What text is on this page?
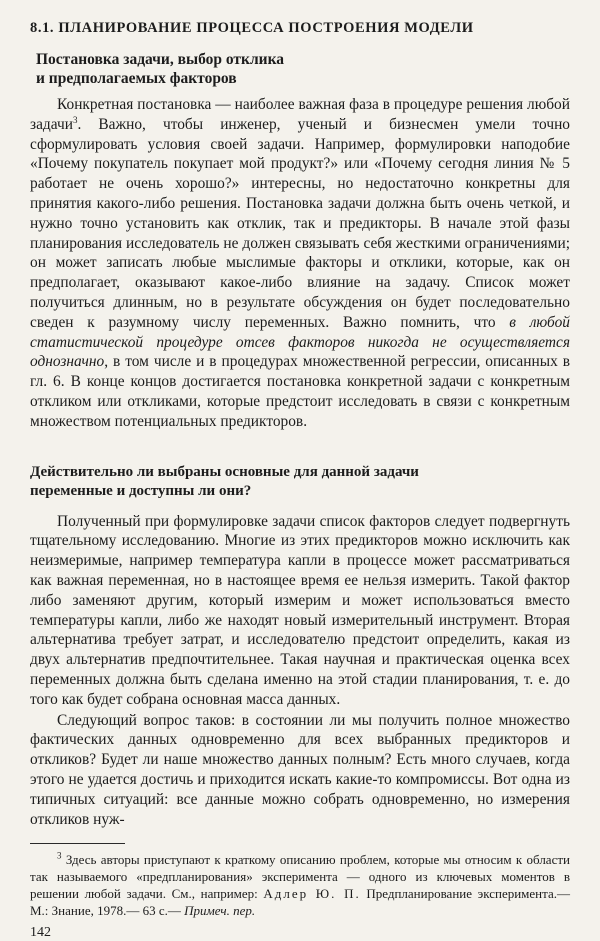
8.1. ПЛАНИРОВАНИЕ ПРОЦЕССА ПОСТРОЕНИЯ МОДЕЛИ
Постановка задачи, выбор отклика
и предполагаемых факторов

Конкретная постановка — наиболее важная фаза в процедуре решения любой задачи$^3$. Важно, чтобы инженер, ученый и бизнесмен умели точно сформулировать условия своей задачи. Например, формулировки наподобие «Почему покупатель покупает мой продукт?» или «Почему сегодня линия № 5 работает не очень хорошо?» интересны, но недостаточно конкретны для принятия какого-либо решения. Постановка задачи должна быть очень четкой, и нужно точно установить как отклик, так и предикторы. В начале этой фазы планирования исследователь не должен связывать себя жесткими ограничениями; он может записать любые мыслимые факторы и отклики, которые, как он предполагает, оказывают какое-либо влияние на задачу. Список может получиться длинным, но в результате обсуждения он будет последовательно сведен к разумному числу переменных. Важно помнить, что в любой статистической процедуре отсев факторов никогда не осуществляется однозначно, в том числе и в процедурах множественной регрессии, описанных в гл. 6. В конце концов достигается постановка конкретной задачи с конкретным откликом или откликами, которые предстоит исследовать в связи с конкретным множеством потенциальных предикторов.

Действительно ли выбраны основные для данной задачи
переменные и доступны ли они?

Полученный при формулировке задачи список факторов следует подвергнуть тщательному исследованию. Многие из этих предикторов можно исключить как неизмеримые, например температура капли в процессе может рассматриваться как важная переменная, но в настоящее время ее нельзя измерить. Такой фактор либо заменяют другим, который измерим и может использоваться вместо температуры капли, либо же находят новый измерительный инструмент. Вторая альтернатива требует затрат, и исследователю предстоит определить, какая из двух альтернатив предпочтительнее. Такая научная и практическая оценка всех переменных должна быть сделана именно на этой стадии планирования, т. е. до того как будет собрана основная масса данных.

Следующий вопрос таков: в состоянии ли мы получить полное множество фактических данных одновременно для всех выбранных предикторов и откликов? Будет ли наше множество данных полным? Есть много случаев, когда этого не удается достичь и приходится искать какие-то компромиссы. Вот одна из типичных ситуаций: все данные можно собрать одновременно, но измерения откликов нуж-

$^3$ Здесь авторы приступают к краткому описанию проблем, которые мы относим к области так называемого «предпланирования» эксперимента — одного из ключевых моментов в решении любой задачи. См., например: Адлер Ю. П. Предпланирование эксперимента.— М.: Знание, 1978.— 63 с.— Примеч. пер.

142
